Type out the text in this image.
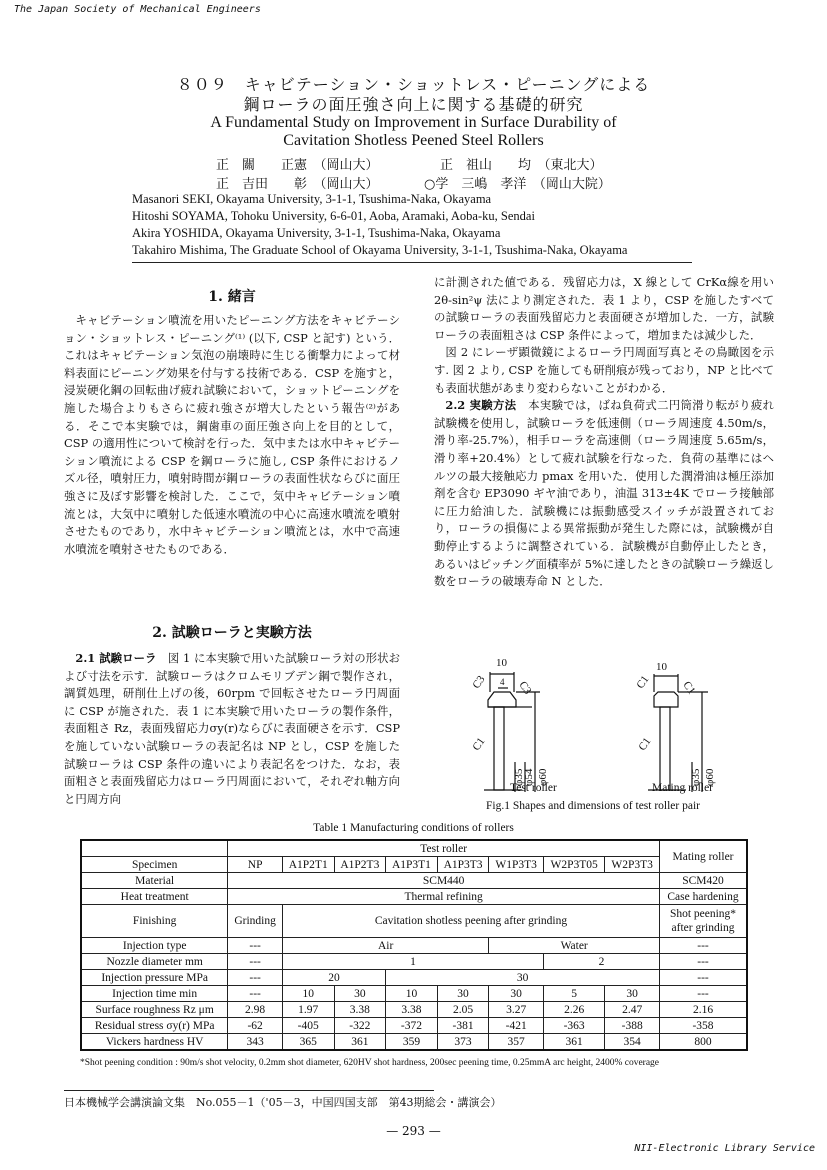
The Japan Society of Mechanical Engineers
NII-Electronic Library Service
８０９　キャビテーション・ショットレス・ピーニングによる
鋼ローラの面圧強さ向上に関する基礎的研究
A Fundamental Study on Improvement in Surface Durability of
Cavitation Shotless Peened Steel Rollers
正　關　　正憲　（岡山大）	正　祖山　　均　（東北大）
正　吉田　　彰　（岡山大）	○学　三嶋　孝洋　（岡山大院）
Masanori SEKI, Okayama University, 3-1-1, Tsushima-Naka, Okayama
Hitoshi SOYAMA, Tohoku University, 6-6-01, Aoba, Aramaki, Aoba-ku, Sendai
Akira YOSHIDA, Okayama University, 3-1-1, Tsushima-Naka, Okayama
Takahiro Mishima, The Graduate School of Okayama University, 3-1-1, Tsushima-Naka, Okayama
1. 緒言

キャビテーション噴流を用いたピーニング方法をキャビテーション・ショットレス・ピーニング⁽¹⁾ (以下, CSP と記す) という．これはキャビテーション気泡の崩壊時に生じる衝撃力によって材料表面にピーニング効果を付与する技術である．CSP を施すと，浸炭硬化鋼の回転曲げ疲れ試験において，ショットピーニングを施した場合よりもさらに疲れ強さが増大したという報告⁽²⁾がある．そこで本実験では，鋼歯車の面圧強さ向上を目的として，CSP の適用性について検討を行った．気中または水中キャビテーション噴流による CSP を鋼ローラに施し, CSP 条件におけるノズル径，噴射圧力，噴射時間が鋼ローラの表面性状ならびに面圧強さに及ぼす影響を検討した．ここで，気中キャビテーション噴流とは，大気中に噴射した低速水噴流の中心に高速水噴流を噴射させたものであり，水中キャビテーション噴流とは，水中で高速水噴流を噴射させたものである．

2. 試験ローラと実験方法

2.1 試験ローラ　 図 1 に本実験で用いた試験ローラ対の形状および寸法を示す．試験ローラはクロムモリブデン鋼で製作され，調質処理，研削仕上げの後，60rpm で回転させたローラ円周面に CSP が施された．表 1 に本実験で用いたローラの製作条件，表面粗さ Rz，表面残留応力σy(r)ならびに表面硬さを示す．CSP を施していない試験ローラの表記名は NP とし，CSP を施した試験ローラは CSP 条件の違いにより表記名をつけた．なお，表面粗さと表面残留応力はローラ円周面において，それぞれ軸方向と円周方向

に計測された値である．残留応力は，X 線として CrKα線を用い 2θ-sin²ψ 法により測定された．表 1 より，CSP を施したすべての試験ローラの表面残留応力と表面硬さが増加した．一方，試験ローラの表面粗さは CSP 条件によって，増加または減少した．

図 2 にレーザ顕微鏡によるローラ円周面写真とその鳥瞰図を示す. 図 2 より, CSP を施しても研削痕が残っており，NP と比べても表面状態があまり変わらないことがわかる．

2.2 実験方法　 本実験では，ばね負荷式二円筒滑り転がり疲れ試験機を使用し，試験ローラを低速側（ローラ周速度 4.50m/s，滑り率-25.7%），相手ローラを高速側（ローラ周速度 5.65m/s，滑り率+20.4%）として疲れ試験を行なった．負荷の基準にはヘルツの最大接触応力 pmax を用いた．使用した潤滑油は極圧添加剤を含む EP3090 ギヤ油であり，油温 313±4K でローラ接触部に圧力給油した．試験機には振動感受スイッチが設置されており，ローラの損傷による異常振動が発生した際には，試験機が自動停止するように調整されている．試験機が自動停止したとき，あるいはピッチング面積率が 5%に達したときの試験ローラ繰返し数をローラの破壊寿命 N とした．

10
4
C3	C3
C1
φ35
φ54 φ60
10
C1	C1
C1
φ35 φ60
Test roller	Mating roller
Fig.1 Shapes and dimensions of test roller pair
Table 1 Manufacturing conditions of rollers
	Test roller								Mating roller
Specimen	NP	A1P2T1	A1P2T3	A1P3T1	A1P3T3	W1P3T3	W2P3T05	W2P3T3	
Material	SCM440								SCM420
Heat treatment	Thermal refining								Case hardening
Finishing	Grinding	Cavitation shotless peening after grinding							Shot peening* after grinding
Injection type	---	Air				Water			---
Nozzle diameter mm	---	1					2		---
Injection pressure MPa	---	20		30					---
Injection time min	---	10	30	10	30	30	5	30	---
Surface roughness Rz μm	2.98	1.97	3.38	3.38	2.05	3.27	2.26	2.47	2.16
Residual stress σy(r) MPa	-62	-405	-322	-372	-381	-421	-363	-388	-358
Vickers hardness HV	343	365	361	359	373	357	361	354	800
*Shot peening condition : 90m/s shot velocity, 0.2mm shot diameter, 620HV shot hardness, 200sec peening time, 0.25mmA arc height, 2400% coverage
日本機械学会講演論文集　No.055－1（'05－3，中国四国支部　第43期総会・講演会）
— 293 —
